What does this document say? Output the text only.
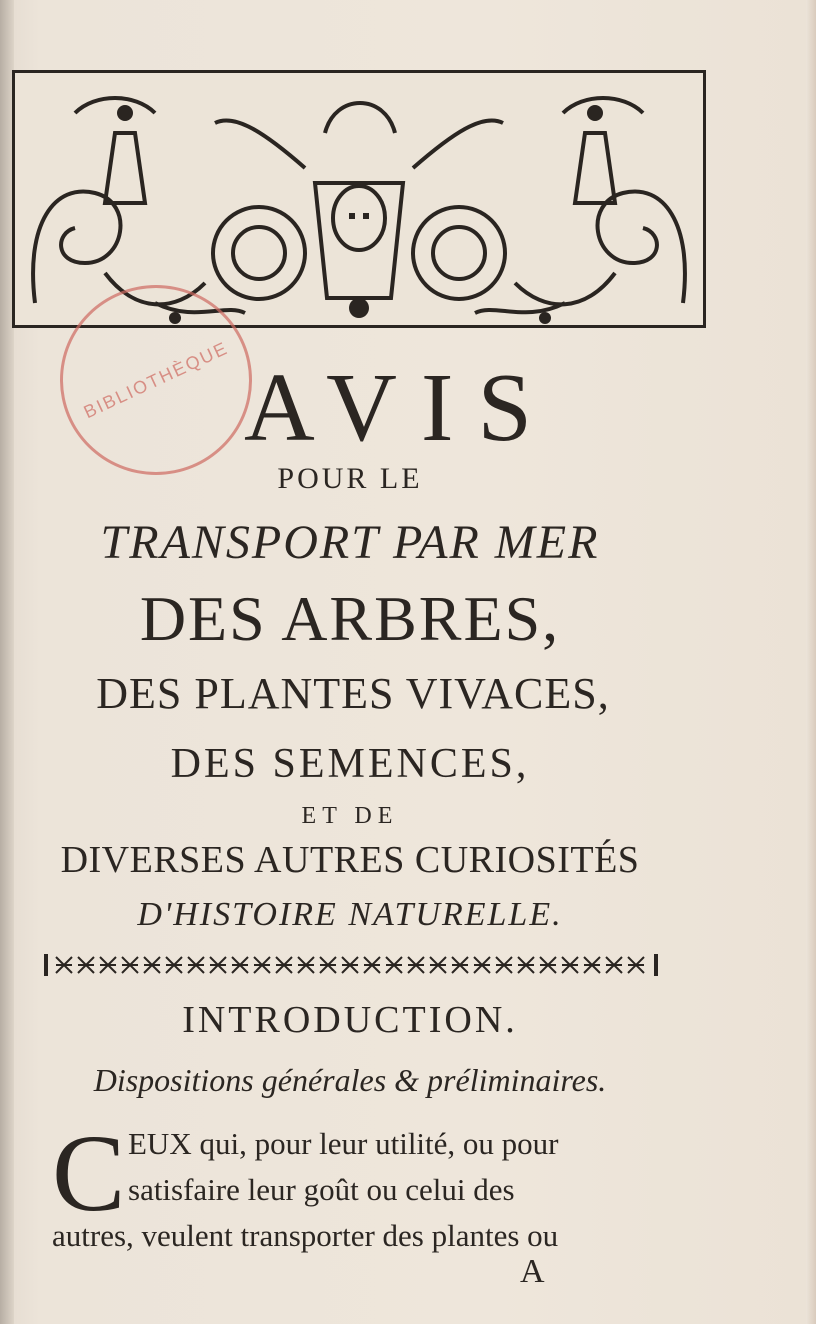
BIBLIOTHÈQUE AVIS
POUR LE
TRANSPORT PAR MER
DES ARBRES,
DES PLANTES VIVACES,
DES SEMENCES,
ET DE
DIVERSES AUTRES CURIOSITÉS
D'HISTOIRE NATURELLE.
INTRODUCTION.
Dispositions générales & préliminaires.
C EUX qui, pour leur utilité, ou pour
satisfaire leur goût ou celui des
autres, veulent transporter des plantes ou
A
